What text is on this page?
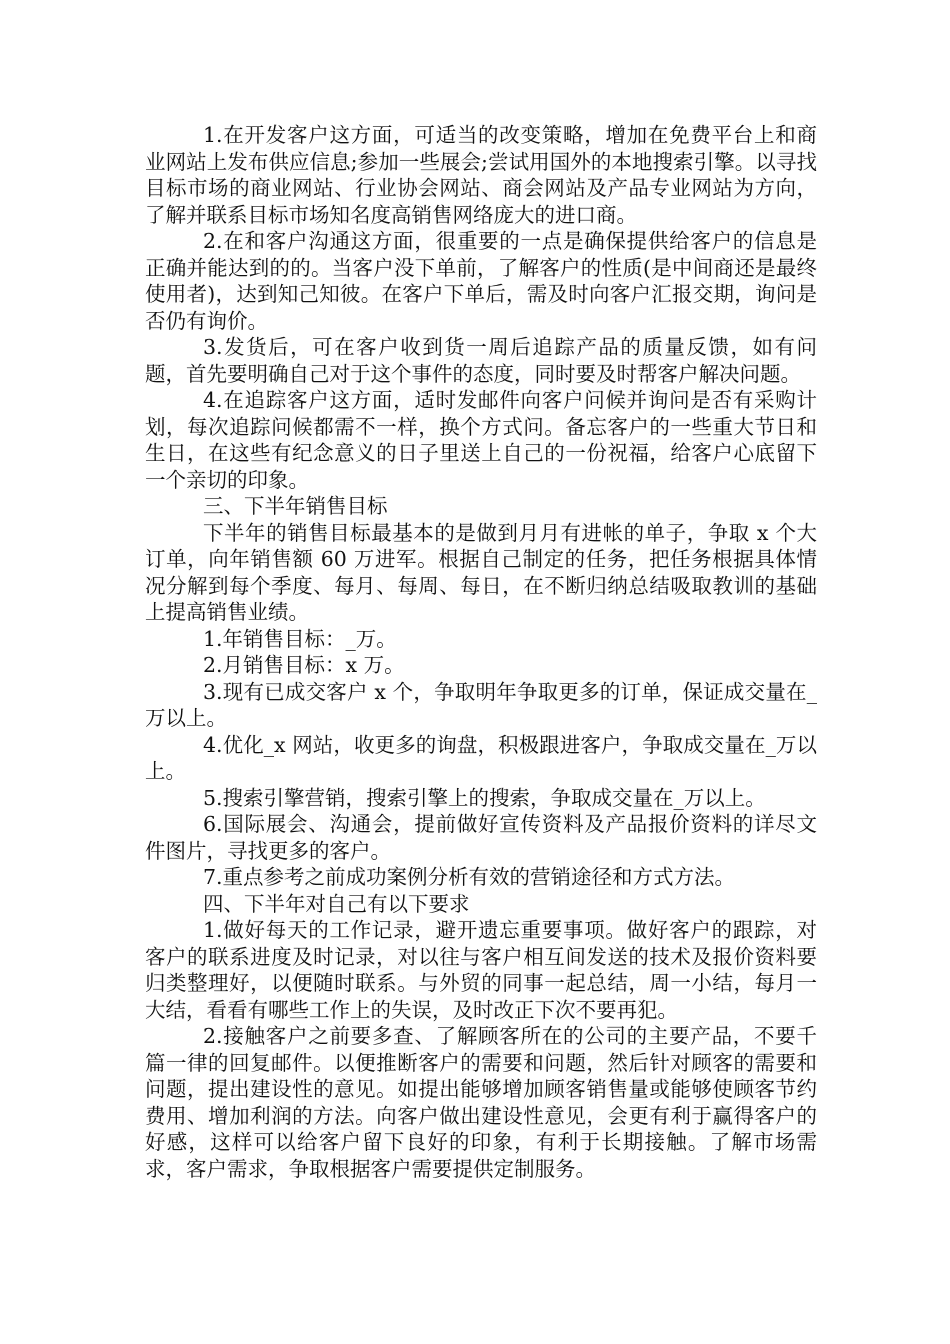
1.在开发客户这方面，可适当的改变策略，增加在免费平台上和商业网站上发布供应信息;参加一些展会;尝试用国外的本地搜索引擎。以寻找目标市场的商业网站、行业协会网站、商会网站及产品专业网站为方向，了解并联系目标市场知名度高销售网络庞大的进口商。

2.在和客户沟通这方面，很重要的一点是确保提供给客户的信息是正确并能达到的的。当客户没下单前，了解客户的性质(是中间商还是最终使用者)，达到知己知彼。在客户下单后，需及时向客户汇报交期，询问是否仍有询价。

3.发货后，可在客户收到货一周后追踪产品的质量反馈，如有问题，首先要明确自己对于这个事件的态度，同时要及时帮客户解决问题。

4.在追踪客户这方面，适时发邮件向客户问候并询问是否有采购计划，每次追踪问候都需不一样，换个方式问。备忘客户的一些重大节日和生日，在这些有纪念意义的日子里送上自己的一份祝福，给客户心底留下一个亲切的印象。

三、下半年销售目标

下半年的销售目标最基本的是做到月月有进帐的单子，争取 x 个大订单，向年销售额 60 万进军。根据自己制定的任务，把任务根据具体情况分解到每个季度、每月、每周、每日，在不断归纳总结吸取教训的基础上提高销售业绩。

1.年销售目标：_万。

2.月销售目标：x 万。

3.现有已成交客户 x 个，争取明年争取更多的订单，保证成交量在_万以上。

4.优化_x 网站，收更多的询盘，积极跟进客户，争取成交量在_万以上。

5.搜索引擎营销，搜索引擎上的搜索，争取成交量在_万以上。

6.国际展会、沟通会，提前做好宣传资料及产品报价资料的详尽文件图片，寻找更多的客户。

7.重点参考之前成功案例分析有效的营销途径和方式方法。

四、下半年对自己有以下要求

1.做好每天的工作记录，避开遗忘重要事项。做好客户的跟踪，对客户的联系进度及时记录，对以往与客户相互间发送的技术及报价资料要归类整理好，以便随时联系。与外贸的同事一起总结，周一小结，每月一大结，看看有哪些工作上的失误，及时改正下次不要再犯。

2.接触客户之前要多查、了解顾客所在的公司的主要产品，不要千篇一律的回复邮件。以便推断客户的需要和问题，然后针对顾客的需要和问题，提出建设性的意见。如提出能够增加顾客销售量或能够使顾客节约费用、增加利润的方法。向客户做出建设性意见，会更有利于赢得客户的好感，这样可以给客户留下良好的印象，有利于长期接触。了解市场需求，客户需求，争取根据客户需要提供定制服务。
